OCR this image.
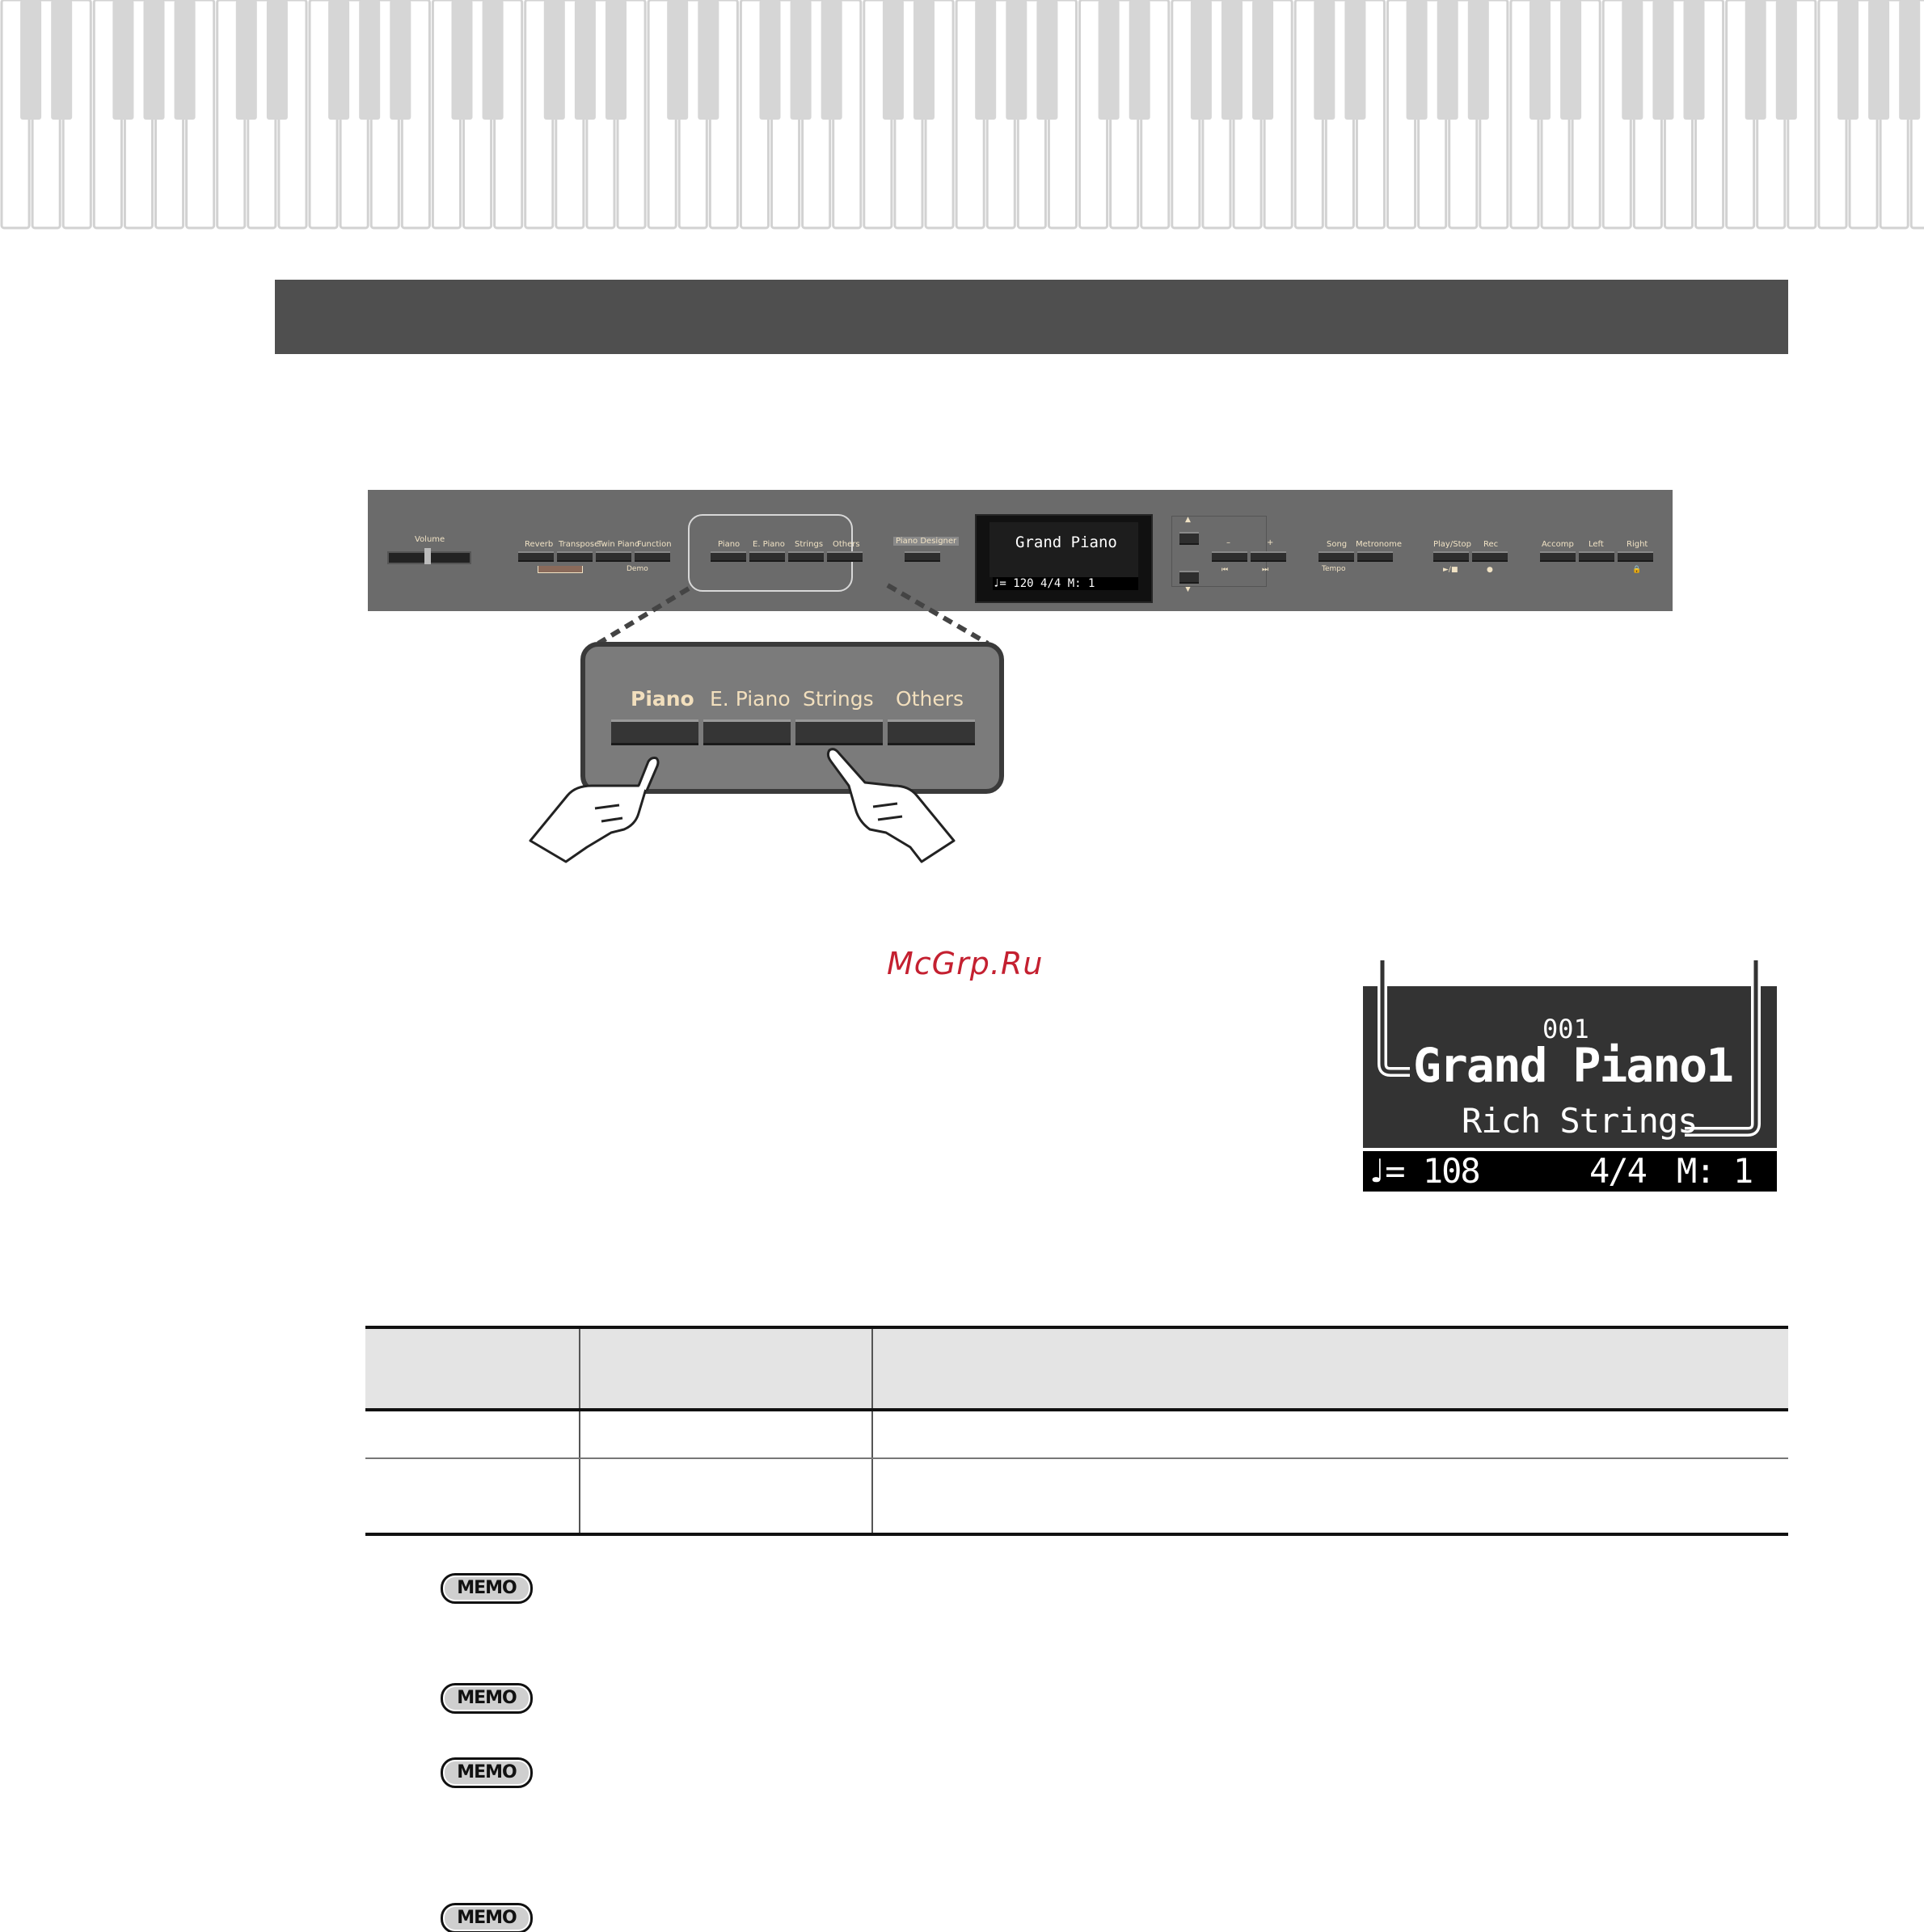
Volume
Reverb Transpose
Twin Piano
Function
Demo
Piano E. Piano Strings Others	Piano Designer
▲
▼
–	+
⏮	⏭
Song Metronome
Tempo
Play/Stop Rec
►/■	●
Accomp Left	Right
🔒
Grand Piano
♩= 120 4/4 M: 1
Piano E. Piano Strings Others
McGrp.Ru
001
Grand Piano1
Rich Strings
♩= 108	4/4 M: 1

MEMO
MEMO
MEMO
MEMO
